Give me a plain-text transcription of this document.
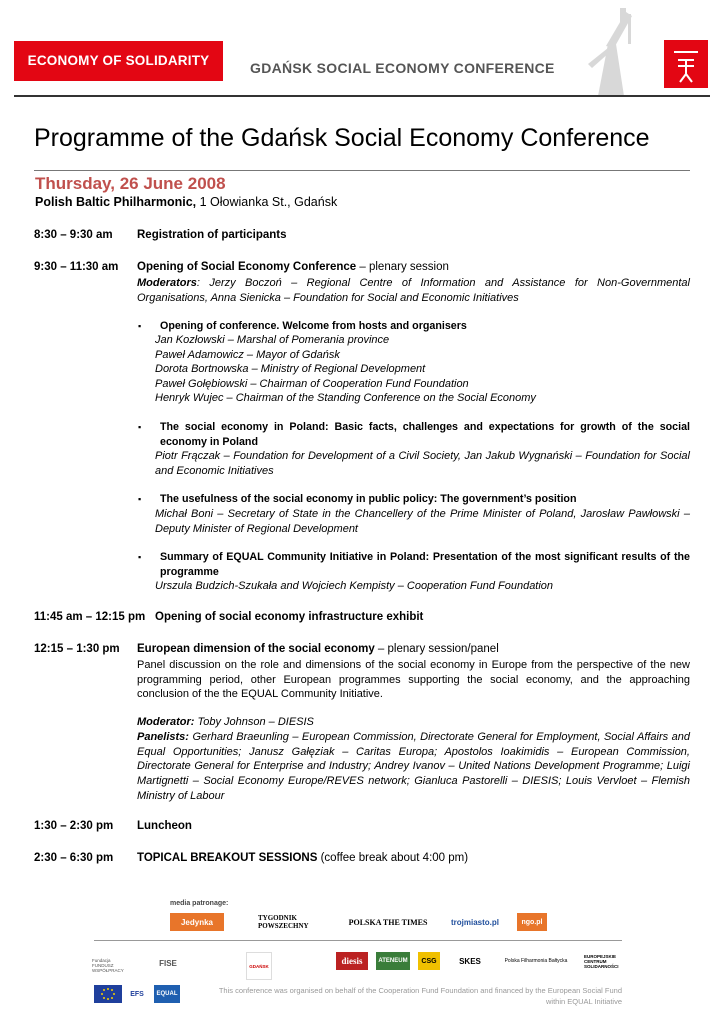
ECONOMY OF SOLIDARITY	GDAŃSK SOCIAL ECONOMY CONFERENCE
Programme of the Gdańsk Social Economy Conference
Thursday, 26 June 2008
Polish Baltic Philharmonic, 1 Ołowianka St., Gdańsk
8:30 – 9:30 am Registration of participants
9:30 – 11:30 am Opening of Social Economy Conference – plenary session
Moderators: Jerzy Boczoń – Regional Centre of Information and Assistance for Non-Governmental Organisations, Anna Sienicka – Foundation for Social and Economic Initiatives
▪ Opening of conference. Welcome from hosts and organisers
Jan Kozłowski – Marshal of Pomerania province
Paweł Adamowicz – Mayor of Gdańsk
Dorota Bortnowska – Ministry of Regional Development
Paweł Gołębiowski – Chairman of Cooperation Fund Foundation
Henryk Wujec – Chairman of the Standing Conference on the Social Economy
▪ The social economy in Poland: Basic facts, challenges and expectations for growth of the social economy in Poland
Piotr Frączak – Foundation for Development of a Civil Society, Jan Jakub Wygnański – Foundation for Social and Economic Initiatives
▪ The usefulness of the social economy in public policy: The government’s position
Michał Boni – Secretary of State in the Chancellery of the Prime Minister of Poland, Jarosław Pawłowski – Deputy Minister of Regional Development
▪ Summary of EQUAL Community Initiative in Poland: Presentation of the most significant results of the programme
Urszula Budzich-Szukała and Wojciech Kempisty – Cooperation Fund Foundation
11:45 am – 12:15 pm Opening of social economy infrastructure exhibit
12:15 – 1:30 pm European dimension of the social economy – plenary session/panel
Panel discussion on the role and dimensions of the social economy in Europe from the perspective of the new programming period, other European programmes supporting the social economy, and the approaching conclusion of the the EQUAL Community Initiative.
Moderator: Toby Johnson – DIESIS
Panelists: Gerhard Braeunling – European Commission, Directorate General for Employment, Social Affairs and Equal Opportunities; Janusz Gałęziak – Caritas Europa; Apostolos Ioakimidis – European Commission, Directorate General for Enterprise and Industry; Andrey Ivanov – United Nations Development Programme; Luigi Martignetti – Social Economy Europe/REVES network; Gianluca Pastorelli – DIESIS; Louis Vervloet – Flemish Ministry of Labour
1:30 – 2:30 pm Luncheon
2:30 – 6:30 pm TOPICAL BREAKOUT SESSIONS (coffee break about 4:00 pm)
media patronage:
Jedynka	TYGODNIK POWSZECHNY	POLSKA THE TIMES	trojmiasto.pl	ngo.pl
Fundacja FUNDUSZ WSPÓŁPRACY
FISE	GDAŃSK	diesis	ATENEUM	CSG	SKES	Polska Filharmonia Bałtycka
EUROPEJSKIE CENTRUM SOLIDARNOŚCI
EFS	EQUAL	This conference was organised on behalf of the Cooperation Fund Foundation and financed by the European Social Fund
within EQUAL Initiative
